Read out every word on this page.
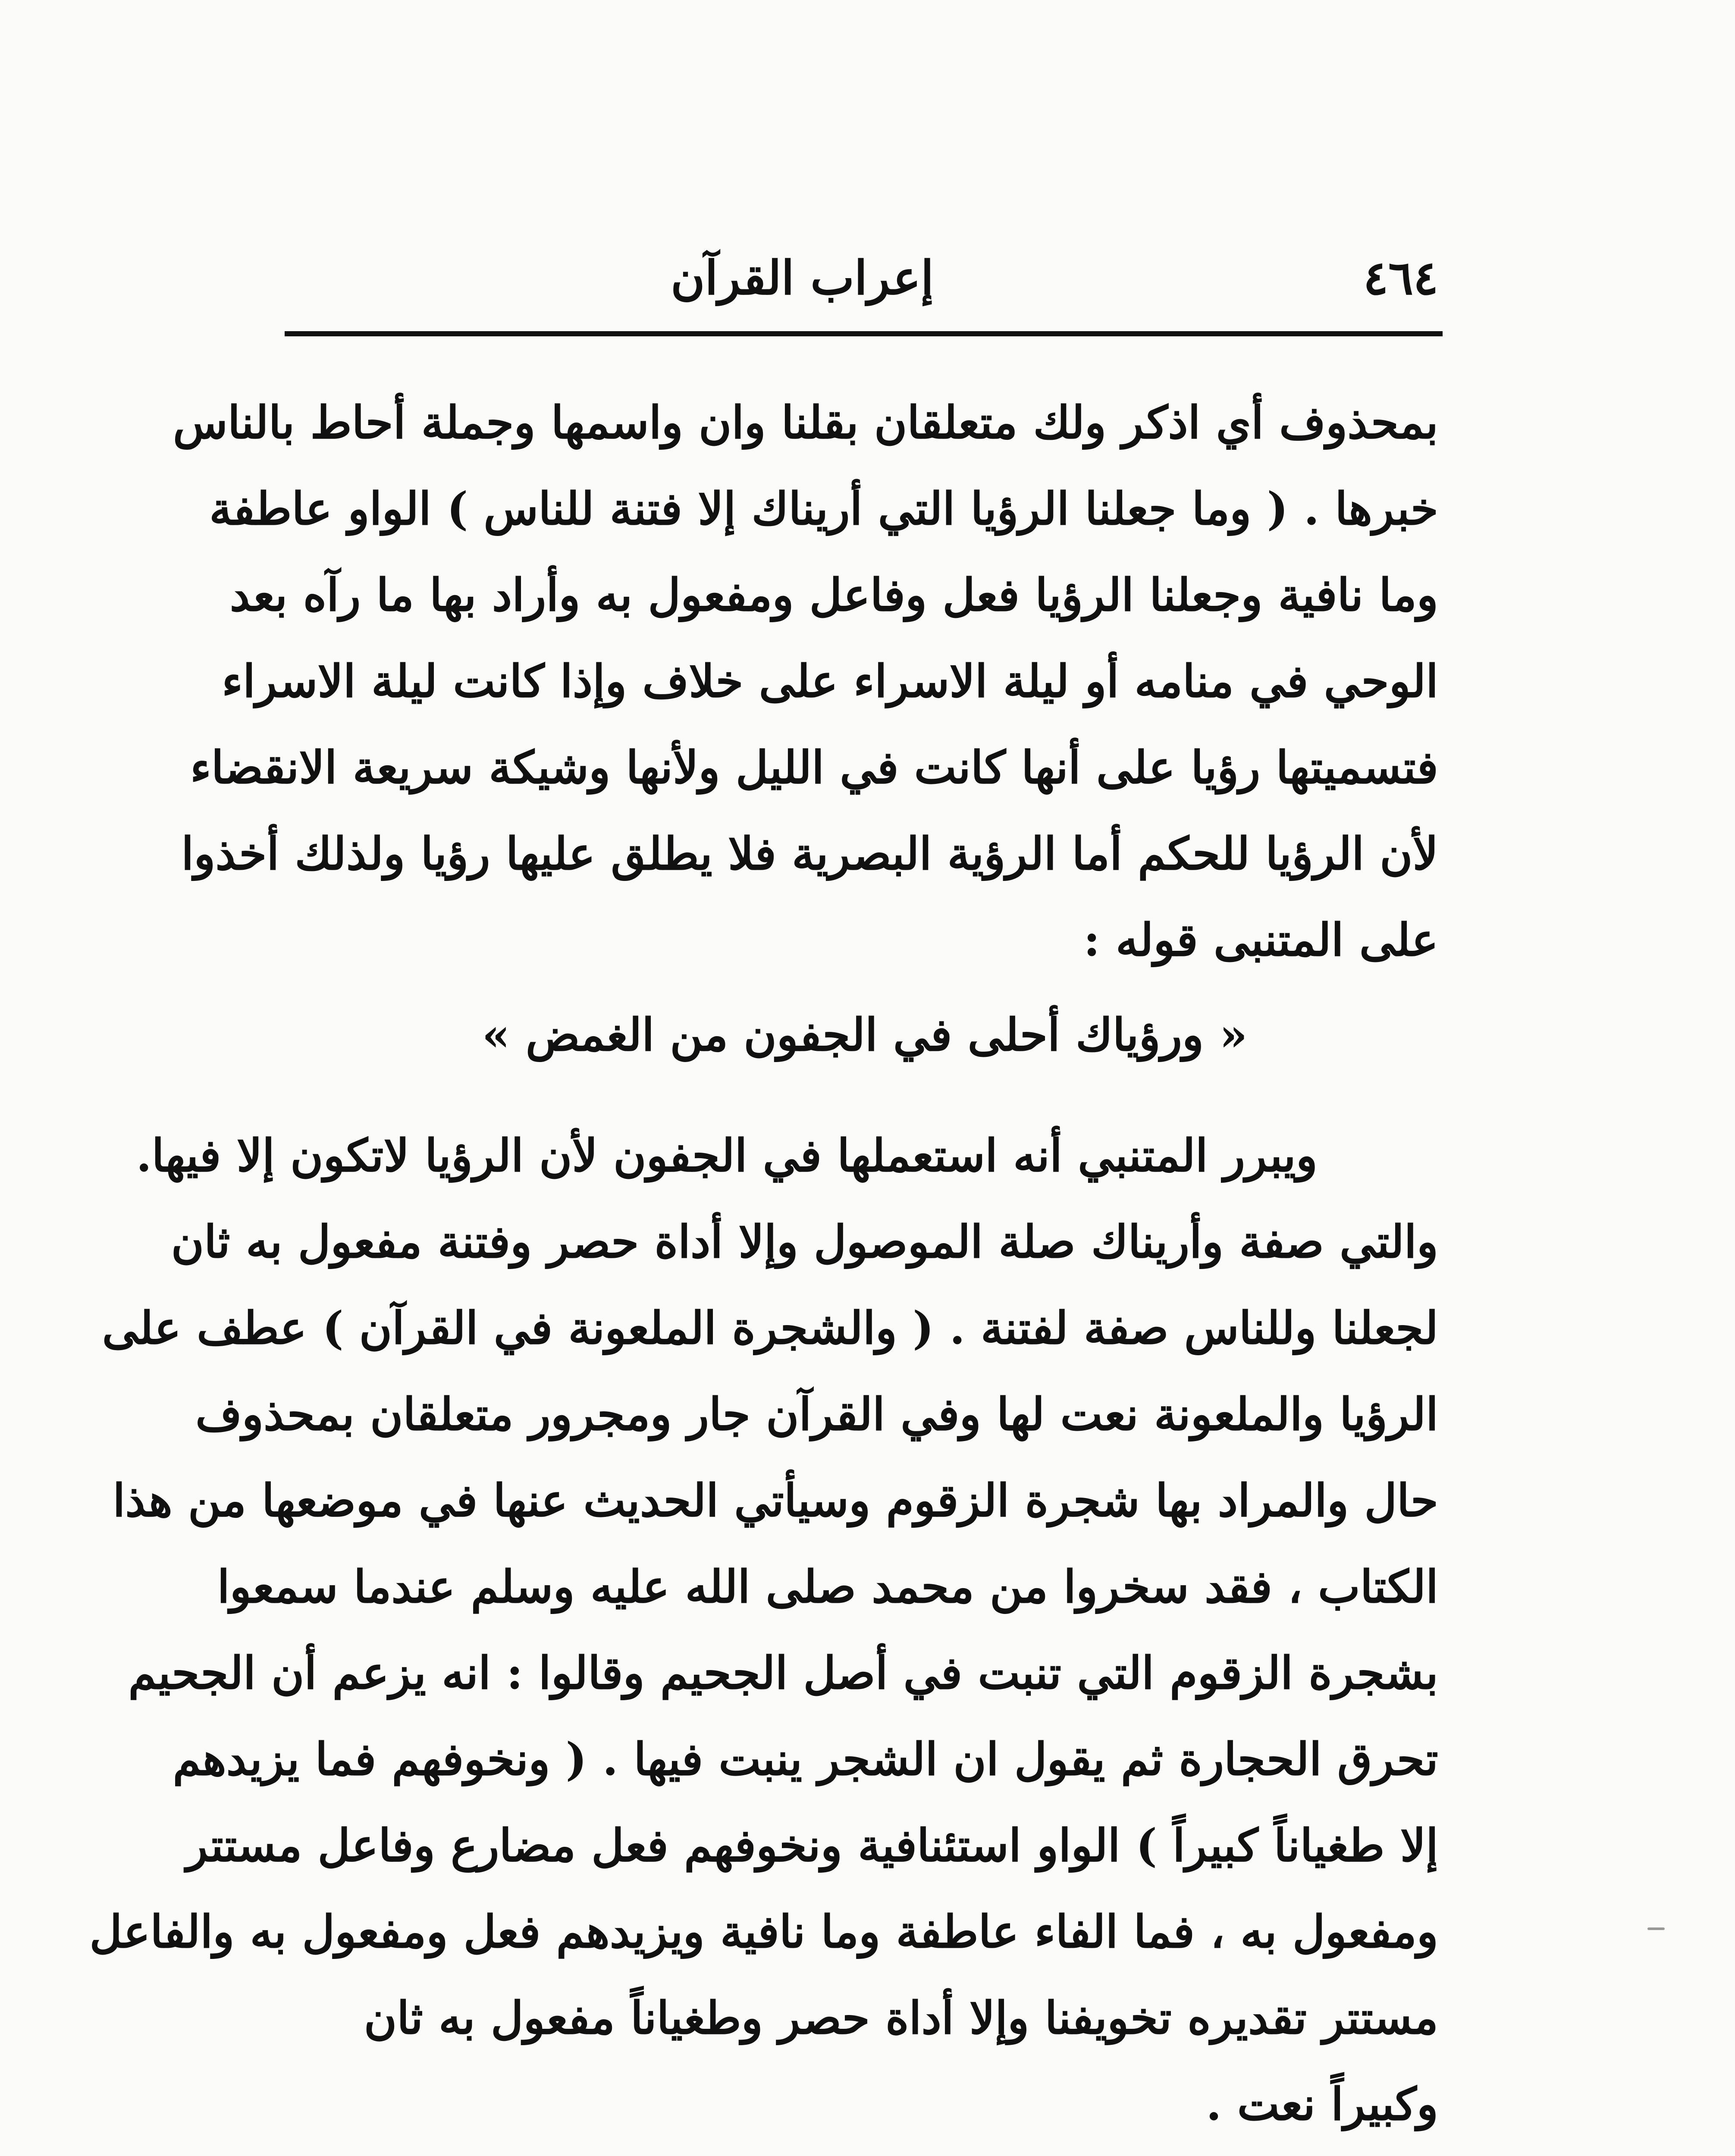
٤٦٤
إعراب القرآن
بمحذوف أي اذكر ولك متعلقان بقلنا وان واسمها وجملة أحاط بالناس
خبرها . ( وما جعلنا الرؤيا التي أريناك إلا فتنة للناس ) الواو عاطفة
وما نافية وجعلنا الرؤيا فعل وفاعل ومفعول به وأراد بها ما رآه بعد
الوحي في منامه أو ليلة الاسراء على خلاف وإذا كانت ليلة الاسراء
فتسميتها رؤيا على أنها كانت في الليل ولأنها وشيكة سريعة الانقضاء
لأن الرؤيا للحكم أما الرؤية البصرية فلا يطلق عليها رؤيا ولذلك أخذوا
على المتنبى قوله :
« ورؤياك أحلى في الجفون من الغمض »
ويبرر المتنبي أنه استعملها في الجفون لأن الرؤيا لاتكون إلا فيها.
والتي صفة وأريناك صلة الموصول وإلا أداة حصر وفتنة مفعول به ثان
لجعلنا وللناس صفة لفتنة . ( والشجرة الملعونة في القرآن ) عطف على
الرؤيا والملعونة نعت لها وفي القرآن جار ومجرور متعلقان بمحذوف
حال والمراد بها شجرة الزقوم وسيأتي الحديث عنها في موضعها من هذا
الكتاب ، فقد سخروا من محمد صلى الله عليه وسلم عندما سمعوا
بشجرة الزقوم التي تنبت في أصل الجحيم وقالوا : انه يزعم أن الجحيم
تحرق الحجارة ثم يقول ان الشجر ينبت فيها . ( ونخوفهم فما يزيدهم
إلا طغياناً كبيراً ) الواو استئنافية ونخوفهم فعل مضارع وفاعل مستتر
ومفعول به ، فما الفاء عاطفة وما نافية ويزيدهم فعل ومفعول به والفاعل
مستتر تقديره تخويفنا وإلا أداة حصر وطغياناً مفعول به ثان
وكبيراً نعت .
